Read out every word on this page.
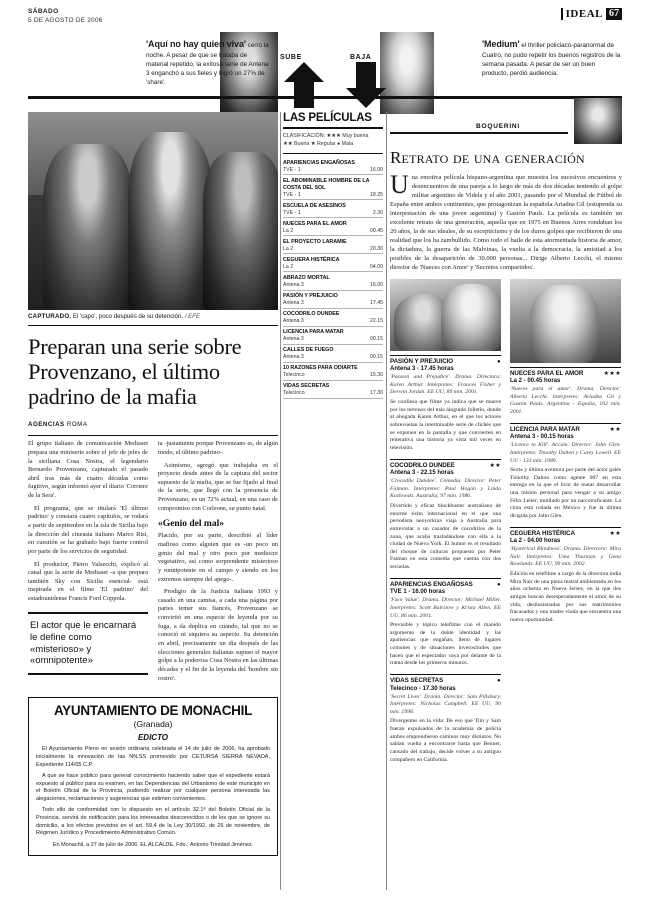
SÁBADO
5 DE AGOSTO DE 2006
IDEAL 67
SUBE	BAJA
'Aquí no hay quien viva' cerró la noche. A pesar de que se trataba de material repetido, la exitosa serie de Antena 3 enganchó a sus fieles y logró un 27% de 'share'.
'Medium' el thriller policiaco-paranormal de Cuatro, no pudo repetir los buenos registros de la semana pasada. A pesar de ser un buen producto, perdió audiencia.
CAPTURADO. El 'capo', poco después de su detención. / EFE
Preparan una serie sobre Provenzano, el último padrino de la mafia
AGENCIAS ROMA

El grupo italiano de comunicación Mediaset prepara una miniserie sobre el jefe de jefes de la siciliana Cosa Nostra, el legendario Bernardo Provenzano, capturado el pasado abril tras más de cuatro décadas como fugitivo, según informó ayer el diario 'Corriere de la Sera'.

El programa, que se titulará 'El último padrino' y constará cuatro capítulos, se rodará a partir de septiembre en la isla de Sicilia bajo la dirección del cineasta italiano Marco Risi, en cuestión se ha grabado bajo fuerte control por parte de los servicios de seguridad.

El productor, Pietro Valsecchi, explicó al canal que la serie de Mediaset -a que prepara también Sky con Sicilia esencial- está inspirada en el filme 'El padrino' del estadounidense Francis Ford Coppola.

El actor que le encarnará le define como «misterioso» y «omnipotente»

ta -justamente porque Provenzano es, de algún modo, el último padrino-.

Asimismo, agregó que trabajaba en el proyecto desde antes de la captura del sector supuesto de la mafia, que se fue fijado al final de la serie, que llegó con la presencia de Provenzano, es un 72% actual, en una caso de compromiso con Corleone, su punto natal.

«Genio del mal»

Placido, por su parte, describió al líder mafioso como alguien que es -un poco un genio del mal y otro poco por mediocre vegetativo, así como sorprendente misterioso y omnipotente en el campo y siendo en los extremos siempre del apego-.

Prodigio de la Justicia italiana 1993 y casado en una camisa, a cada una página por partes temer sus fiancés, Provenzano se convirtió en una especie de leyenda por su fuga, a da duplica en cuando, tal que no se conoció ni siquiera su aspecto. Su detención en abril, precisamente un día después de las elecciones generales italianas supuso el mayor golpe a la poderosa Cosa Nostra en las últimas décadas y el fin de la leyenda del 'hombre sin rostro'.

AYUNTAMIENTO DE MONACHIL
(Granada)
EDICTO

El Ayuntamiento Pleno en sesión ordinaria celebrada el 14 de julio de 2006, ha aprobado inicialmente la innovación de las NN.SS promovido por CETURSA SIERRA NEVADA, Expediente 114/05 C.P.

A que se hace público para general conocimiento haciendo saber que el expediente estará expuesto al público para su examen, en las Dependencias del Urbanismo de este municipio en el Boletín Oficial de la Provincia, pudiendo realizar por cualquier persona interesada las alegaciones, reclamaciones y sugerencias que estimen convenientes.

Todo ello de conformidad con lo dispuesto en el artículo 32.1ª del Boletín Oficial de la Provincia, servirá de notificación para los interesados desconocidos o de los que se ignore su domicilio, a los efectos previstos en el art. 59.4 de la Ley 30/1992, de 26 de noviembre, de Régimen Jurídico y Procedimiento Administrativo Común.

En Monachil, a 27 de julio de 2006. EL ALCALDE, Fdo.: Antonio Trinidad Jiménez.
LAS PELÍCULAS
CLASIFICACIÓN: ★★★ Muy buena
★★ Buena ★ Regular ● Mala
APARIENCIAS ENGAÑOSAS
TVE - 1	16.00
EL ABOMINABLE HOMBRE DE LA COSTA DEL SOL
TVE - 1	18.25
ESCUELA DE ASESINOS
TVE - 1	2.30
NUECES PARA EL AMOR
La 2	00.45
EL PROYECTO LARAMIE
La 2	20.30
CEGUERA HISTÉRICA
La 2	04.00
ABRAZO MORTAL
Antena 3	16.00
PASIÓN Y PREJUICIO
Antena 3	17.45
COCODRILO DUNDEE
Antena 3	22.15
LICENCIA PARA MATAR
Antena 3	00.15
CALLES DE FUEGO
Antena 3	00.15
10 RAZONES PARA ODIARTE
Telecinco	15.30
VIDAS SECRETAS
Telecinco	17.30
BOQUERINI
Retrato de una generación
Una emotiva película hispano-argentina que muestra los sucesivos encuentros y desencuentros de una pareja a lo largo de más de dos décadas teniendo el golpe militar argentino de Videla y el año 2001, pasando por el Mundial de Fútbol de España entre ambos continentes, que protagonizan la española Ariadna Gil (estupenda su interpretación de una joven argentina) y Gastón Pauls. La película es también un excelente retrato de una generación, aquella que en 1975 en Buenos Aires rondaban los 20 años, la de sus ideales, de su escepticismo y de los duros golpes que recibieron de una realidad que los ha zambullido. Como todo el baile de esta atormentada historia de amor, la dictadura, la guerra de las Malvinas, la vuelta a la democracia, la amistiad a los posibles de la desaparición de 30.000 personas... Dirige Alberto Lecchi, el mismo director de 'Nueces con Amor' y 'Secretos compartidos'.
PASIÓN Y PREJUICIO	●
Antena 3 - 17.45 horas

'Passion and Prejudice'. Drama. Directora: Karen Arthur. Intérpretes: Frances Fisher y Derwin Jordan. EE UU, 89 min. 2001.

Se confiesa que filme ya indica que se mueve por los terrenos del más lánguido folletín, donde al abogada Karen Arthur, en el que los actores sobrevuelan la interminable serie de clichés que se exponen en la pantalla y que convierten en reiterativa una historia ya vista mil veces en televisión.

COCODRILO DUNDEE	★★
Antena 3 - 22.15 horas

'Crocodile Dundee'. Comedia. Director: Peter Faiman. Intérpretes: Paul Hogan y Linda Kozlowski. Australia, 97 min. 1986.

Divertido y eficaz blockbuster australiano de enorme éxito internacional en el que una periodista neoyorkina viaja a Australia para entrevistar a un cazador de cocodrilos de la zona, que acaba trasladándose con ella a la ciudad de Nueva York. El humor es el resultado del choque de culturas propuesto por Peter Faiman en esta comedia que cuenta con dos secuelas.

APARIENCIAS ENGAÑOSAS	●
TVE 1 - 16.00 horas

'Face Value'. Drama. Director: Michael Miller. Intérpretes: Scott Bairstow y Krista Allen. EE UU, 86 min. 2001.

Previsible y tópico telefilme con el manido argumento de la doble identidad y las apariencias que engañan, lleno de lugares comunes y de situaciones inverosímiles que hacen que el espectador vaya por delante de la trama desde los primeros minutos.

VIDAS SECRETAS	●
Telecinco - 17.30 horas

'Secret Lives'. Drama. Director: Sam Pillsbury. Intérpretes: Nicholas Campbell. EE UU, 90 min. 1998.

Divergentes en la vida: De eso que Tim y Sam fueran expulsados de la academia de policía ambos emprendieron caminos muy distintos. No sabían vuelta a encontrarse hasta que Bennet, cansado del trabajo, decide volver a su antiguo compañero en California.

NUECES PARA EL AMOR	★★★
La 2 - 00.45 horas

'Nueces para el amor'. Drama. Director: Alberto Lecchi. Intérpretes: Ariadna Gil y Gastón Pauls. Argentina - España, 102 min. 2001.

LICENCIA PARA MATAR	★★
Antena 3 - 00.15 horas

'Licence to Kill'. Acción. Director: John Glen. Intérpretes: Timothy Dalton y Carey Lowell. EE UU - 133 min. 1989.

Sexta y última aventura por parte del actor galés Timothy Dalton como agente 007 en esta entrega en la que el licor de matar desarrollar una misión personal para vengar a su amigo Félix Leiter, mutilado por un narcotraficante. La cinta está rodada en México y fue la última dirigida por John Glen.

CEGUERA HISTÉRICA	★★
La 2 - 04.00 horas

'Hysterical Blindness'. Drama. Directora: Mira Nair. Intérpretes: Uma Thurman y Gena Rowlands. EE UU, 99 min. 2002.

Edición en telefilme a cargo de la directora india Mira Nair de una pieza teatral ambientada en los años ochenta en Nueva Jersey, en la que dos amigas buscan desesperadamente el amor de su vida, desilusionadas por sus matrimonios fracasados y una madre viuda que encuentra una nueva oportunidad.
